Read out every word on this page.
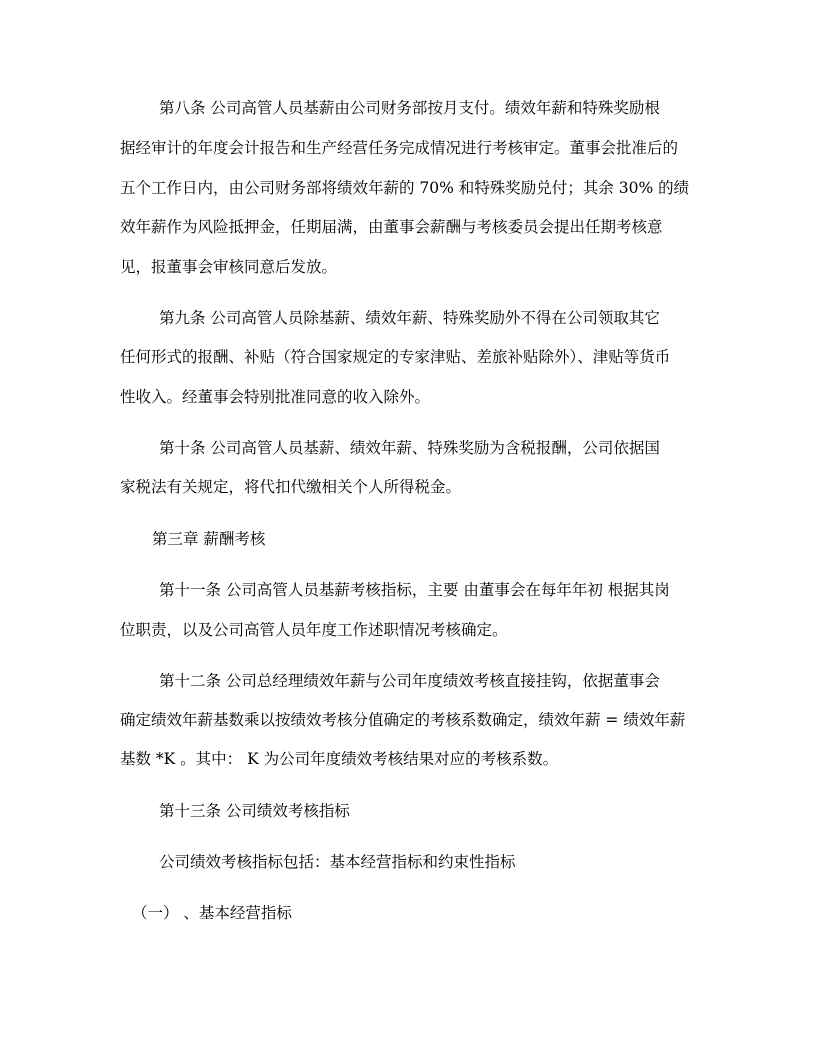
第八条 公司高管人员基薪由公司财务部按月支付。绩效年薪和特殊奖励根
据经审计的年度会计报告和生产经营任务完成情况进行考核审定。董事会批准后的
五个工作日内，由公司财务部将绩效年薪的 70% 和特殊奖励兑付；其余 30% 的绩
效年薪作为风险抵押金，任期届满，由董事会薪酬与考核委员会提出任期考核意
见，报董事会审核同意后发放。
第九条 公司高管人员除基薪、绩效年薪、特殊奖励外不得在公司领取其它
任何形式的报酬、补贴（符合国家规定的专家津贴、差旅补贴除外）、津贴等货币
性收入。经董事会特别批准同意的收入除外。
第十条 公司高管人员基薪、绩效年薪、特殊奖励为含税报酬，公司依据国
家税法有关规定，将代扣代缴相关个人所得税金。
第三章 薪酬考核
第十一条 公司高管人员基薪考核指标，主要 由董事会在每年年初 根据其岗
位职责，以及公司高管人员年度工作述职情况考核确定。
第十二条 公司总经理绩效年薪与公司年度绩效考核直接挂钩，依据董事会
确定绩效年薪基数乘以按绩效考核分值确定的考核系数确定，绩效年薪 = 绩效年薪
基数 *K 。其中： K 为公司年度绩效考核结果对应的考核系数。
第十三条 公司绩效考核指标
公司绩效考核指标包括：基本经营指标和约束性指标
（一） 、基本经营指标
